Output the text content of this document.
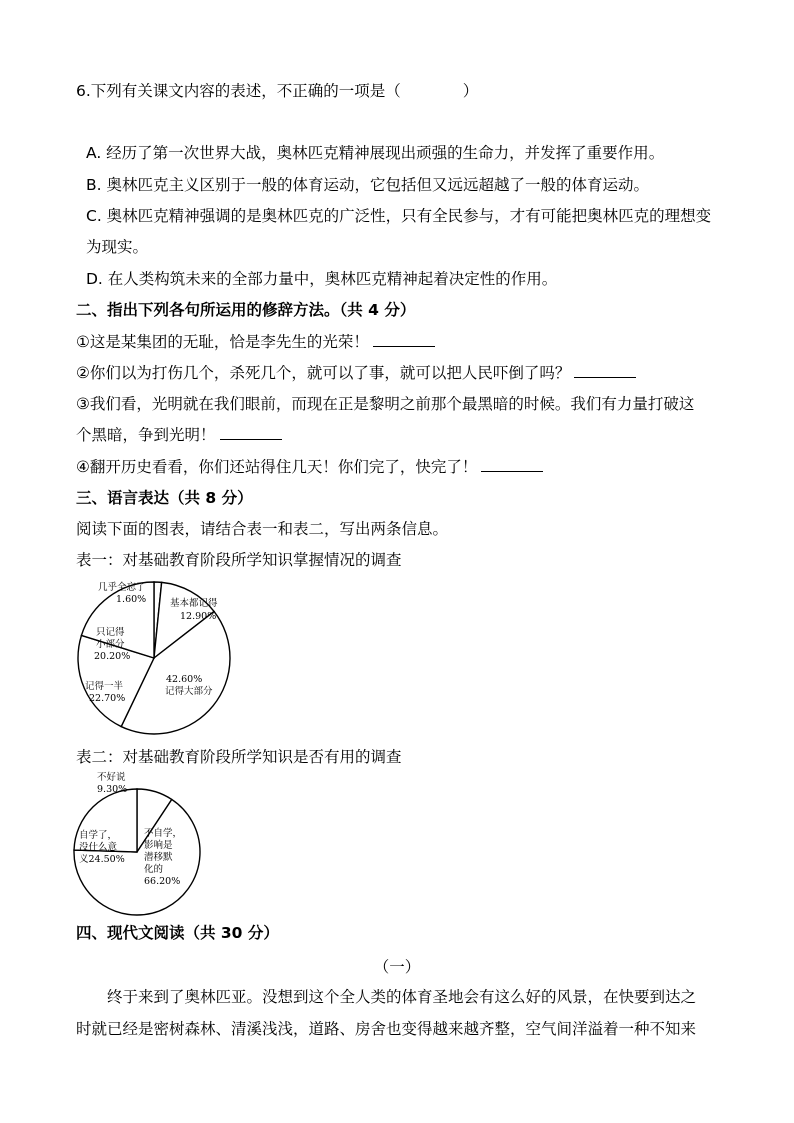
6.下列有关课文内容的表述，不正确的一项是（　　　　）
A. 经历了第一次世界大战，奥林匹克精神展现出顽强的生命力，并发挥了重要作用。
B. 奥林匹克主义区别于一般的体育运动，它包括但又远远超越了一般的体育运动。
C. 奥林匹克精神强调的是奥林匹克的广泛性，只有全民参与，才有可能把奥林匹克的理想变
为现实。
D. 在人类构筑未来的全部力量中，奥林匹克精神起着决定性的作用。
二、指出下列各句所运用的修辞方法。（共 4 分）
①这是某集团的无耻，恰是李先生的光荣！
②你们以为打伤几个，杀死几个，就可以了事，就可以把人民吓倒了吗？
③我们看，光明就在我们眼前，而现在正是黎明之前那个最黑暗的时候。我们有力量打破这
个黑暗，争到光明！
④翻开历史看看，你们还站得住几天！你们完了，快完了！
三、语言表达（共 8 分）
阅读下面的图表，请结合表一和表二，写出两条信息。
表一：对基础教育阶段所学知识掌握情况的调查
几乎全忘了
1.60%	基本都记得
12.90%
42.60%
记得大部分
记得一半
22.70%
只记得
小部分
20.20%
表二：对基础教育阶段所学知识是否有用的调查
不好说
9.30%
不自学，
影响是
潜移默
化的
66.20%
自学了，
没什么意
义24.50%
四、现代文阅读（共 30 分）
（一）
终于来到了奥林匹亚。没想到这个全人类的体育圣地会有这么好的风景，在快要到达之
时就已经是密树森林、清溪浅浅，道路、房舍也变得越来越齐整，空气间洋溢着一种不知来
